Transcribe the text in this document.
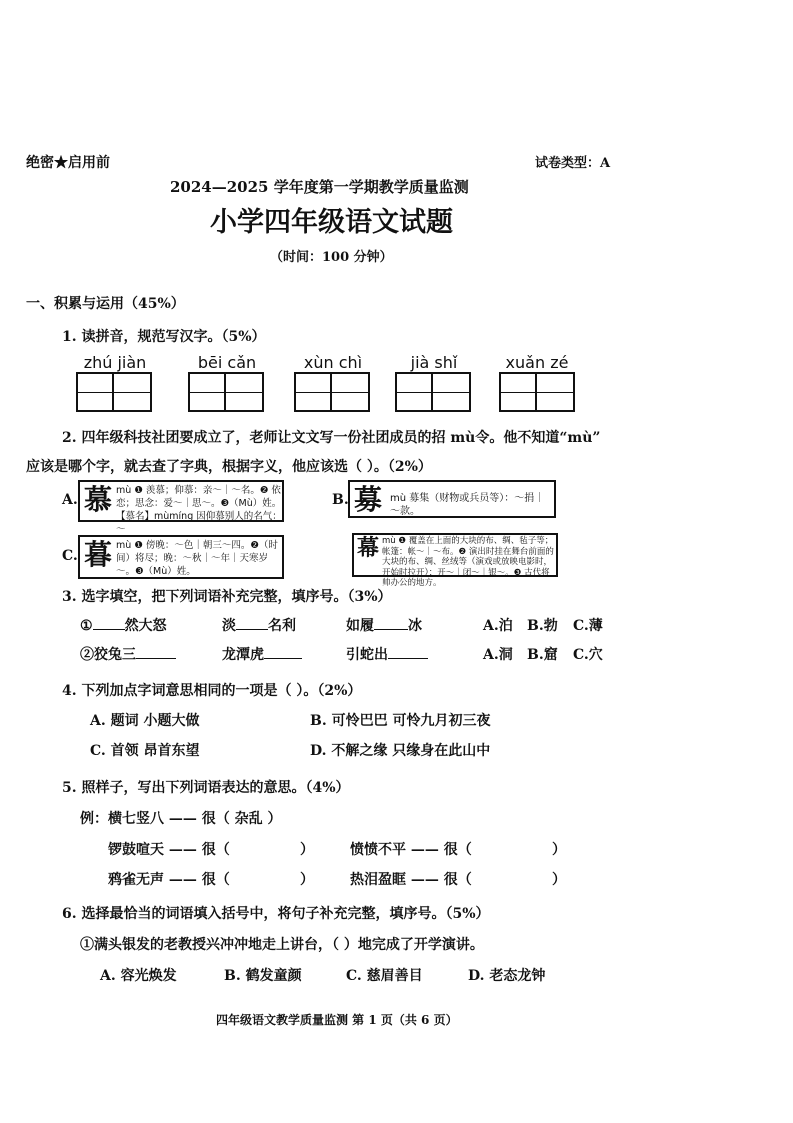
绝密★启用前	试卷类型：A
2024—2025 学年度第一学期教学质量监测
小学四年级语文试题
（时间：100 分钟）
一、积累与运用（45%）
1. 读拼音，规范写汉字。（5%）
zhú jiàn	bēi cǎn	xùn chì	jià shǐ	xuǎn zé
2. 四年级科技社团要成立了，老师让文文写一份社团成员的招 mù令。他不知道“mù”
应该是哪个字，就去查了字典，根据字义，他应该选（ ）。（2%）
A. 慕 mù ❶ 羡慕；仰慕：亲～｜～名。❷ 依恋；思念：爱～｜思～。❸（Mù）姓。【慕名】mùmíng 因仰慕别人的名气：～
B. 募 mù 募集（财物或兵员等）：～捐｜～款。
C. 暮 mù ❶ 傍晚：～色｜朝三～四。❷（时间）将尽；晚：～秋｜～年｜天寒岁～。❸（Mù）姓。
幕 mù ❶ 覆盖在上面的大块的布、绸、毡子等；帐篷：帐～｜～布。❷ 演出时挂在舞台前面的大块的布、绸、丝绒等（演戏或放映电影时，开始时拉开）：开～｜闭～｜银～。❸ 古代将帅办公的地方。
3. 选字填空，把下列词语补充完整，填序号。（3%）
① 然大怒	淡 名利	如履 冰	A.泊 B.勃 C.薄
②狡兔三	龙潭虎	引蛇出	A.洞 B.窟 C.穴
4. 下列加点字词意思相同的一项是（ ）。（2%）
A. 题词 小题大做	B. 可怜巴巴 可怜九月初三夜
C. 首领 昂首东望	D. 不解之缘 只缘身在此山中
5. 照样子，写出下列词语表达的意思。（4%）
例： 横七竖八 —— 很（ 杂乱 ）
锣鼓喧天 —— 很（	）	愤愤不平 —— 很（	）
鸦雀无声 —— 很（	）	热泪盈眶 —— 很（	）
6. 选择最恰当的词语填入括号中，将句子补充完整，填序号。（5%）
①满头银发的老教授兴冲冲地走上讲台，（ ）地完成了开学演讲。
A. 容光焕发	B. 鹤发童颜	C. 慈眉善目	D. 老态龙钟
四年级语文教学质量监测 第 1 页（共 6 页）
